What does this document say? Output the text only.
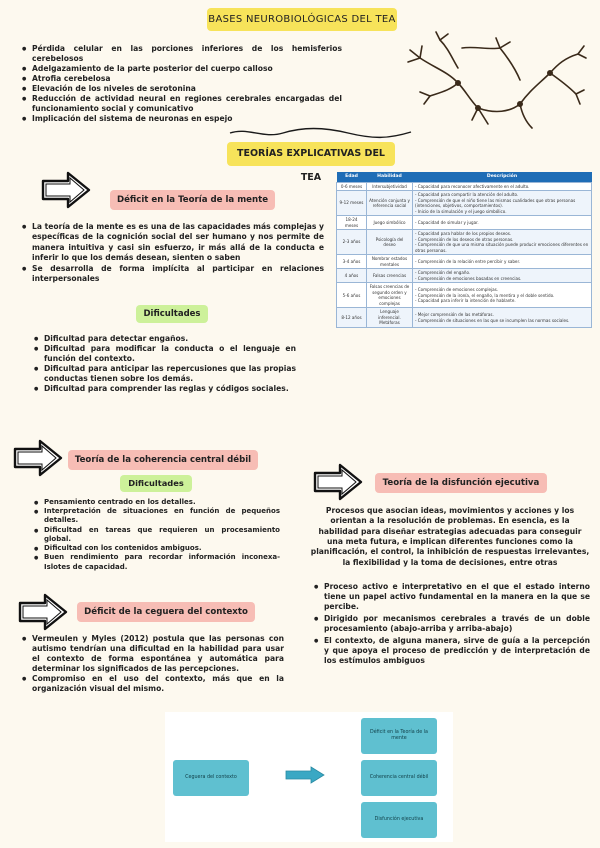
BASES NEUROBIOLÓGICAS DEL TEA
● Pérdida celular en las porciones inferiores de los hemisferios cerebelosos
● Adelgazamiento de la parte posterior del cuerpo calloso
● Atrofia cerebelosa
● Elevación de los niveles de serotonina
● Reducción de actividad neural en regiones cerebrales encargadas del funcionamiento social y comunicativo
● Implicación del sistema de neuronas en espejo
TEORÍAS EXPLICATIVAS DEL TEA
Déficit en la Teoría de la mente
● La teoría de la mente es es una de las capacidades más complejas y específicas de la cognición social del ser humano y nos permite de manera intuitiva y casi sin esfuerzo, ir más allá de la conducta e inferir lo que los demás desean, sienten o saben
● Se desarrolla de forma implícita al participar en relaciones interpersonales
Dificultades
● Dificultad para detectar engaños.
● Dificultad para modificar la conducta o el lenguaje en función del contexto.
● Dificultad para anticipar las repercusiones que las propias conductas tienen sobre los demás.
● Dificultad para comprender las reglas y códigos sociales.
Edad	Habilidad	Descripción
0-6 meses	Intersubjetividad	- Capacidad para reconocer afectivamente en el adulto.

9-12 meses	Atención conjunta y referencia social	- Capacidad para compartir la atención del adulto.
- Comprensión de que el niño tiene las mismas cualidades que otras personas (intenciones, objetivos, comportamientos).
- Inicio de la simulación y el juego simbólico.

18-24 meses	Juego simbólico	- Capacidad de simular y jugar.

2-3 años	Psicología del deseo	- Capacidad para hablar de los propios deseos.
- Comprensión de los deseos de otras personas.
- Comprensión de que una misma situación puede producir emociones diferentes en otras personas.

3-4 años	Nombrar estados mentales	- Comprensión de la relación entre percibir y saber.

4 años	Falsas creencias	- Comprensión del engaño.
- Comprensión de emociones basadas en creencias.

5-6 años	Falsas creencias de segundo orden y emociones complejas	- Comprensión de emociones complejas.
- Comprensión de la ironía, el engaño, la mentira y el doble sentido.
- Capacidad para inferir la intención de hablante.

8-12 años	Lenguaje inferencial. Metáforas	- Mejor comprensión de las metáforas.
- Comprensión de situaciones en las que se incumplen las normas sociales.
Teoría de la coherencia central débil
Dificultades
● Pensamiento centrado en los detalles.
● Interpretación de situaciones en función de pequeños detalles.
● Dificultad en tareas que requieren un procesamiento global.
● Dificultad con los contenidos ambiguos.
● Buen rendimiento para recordar información inconexa-Islotes de capacidad.
Teoría de la disfunción ejecutiva
Procesos que asocian ideas, movimientos y acciones y los orientan a la resolución de problemas. En esencia, es la habilidad para diseñar estrategias adecuadas para conseguir una meta futura, e implican diferentes funciones como la planificación, el control, la inhibición de respuestas irrelevantes, la flexibilidad y la toma de decisiones, entre otras
● Proceso activo e interpretativo en el que el estado interno tiene un papel activo fundamental en la manera en la que se percibe.
● Dirigido por mecanismos cerebrales a través de un doble procesamiento (abajo-arriba y arriba-abajo)
● El contexto, de alguna manera, sirve de guía a la percepción y que apoya el proceso de predicción y de interpretación de los estímulos ambiguos
Déficit de la ceguera del contexto
● Vermeulen y Myles (2012) postula que las personas con autismo tendrían una dificultad en la habilidad para usar el contexto de forma espontánea y automática para determinar los significados de las percepciones.
● Compromiso en el uso del contexto, más que en la organización visual del mismo.
Ceguera del contexto
Déficit en la Teoría de la mente
Coherencia central débil
Disfunción ejecutiva
